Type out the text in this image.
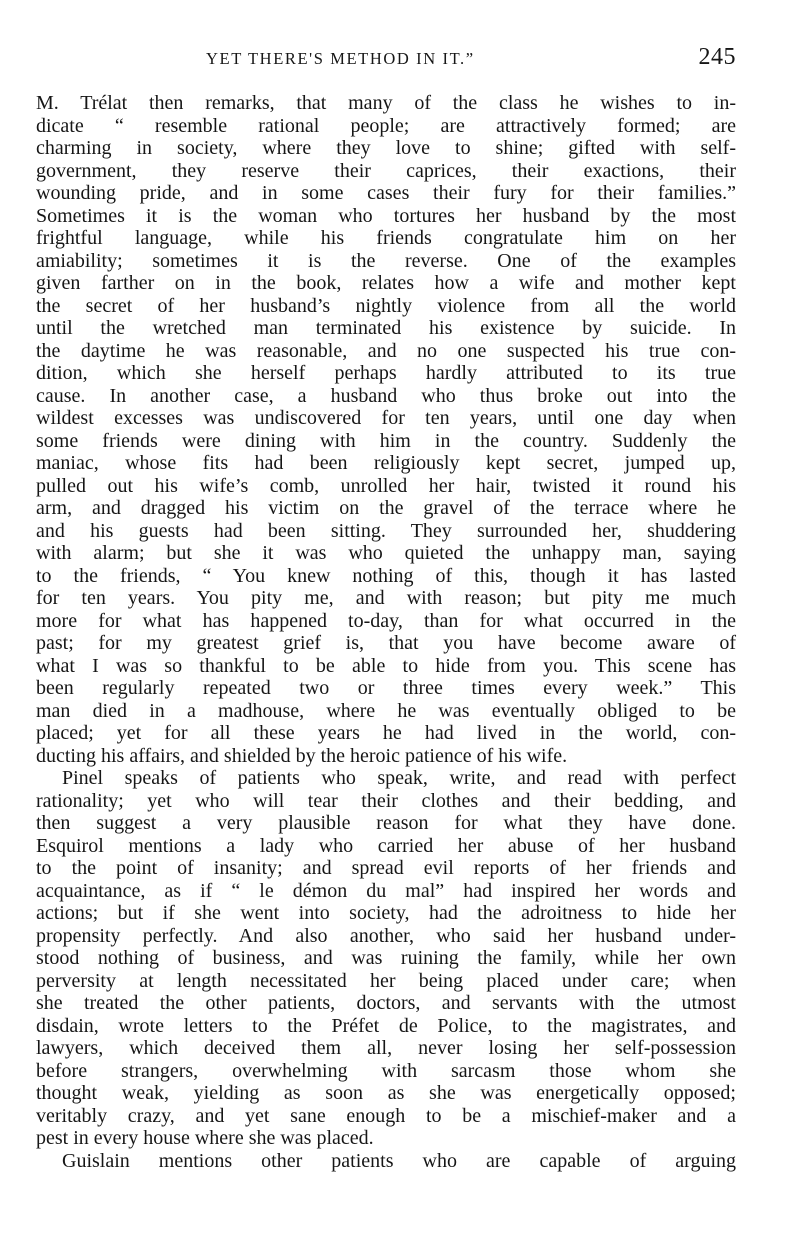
YET THERE'S METHOD IN IT.”	245
M. Trélat then remarks, that many of the class he wishes to in-
dicate “ resemble rational people; are attractively formed; are
charming in society, where they love to shine; gifted with self-
government, they reserve their caprices, their exactions, their
wounding pride, and in some cases their fury for their families.”
Sometimes it is the woman who tortures her husband by the most
frightful language, while his friends congratulate him on her
amiability; sometimes it is the reverse. One of the examples
given farther on in the book, relates how a wife and mother kept
the secret of her husband’s nightly violence from all the world
until the wretched man terminated his existence by suicide. In
the daytime he was reasonable, and no one suspected his true con-
dition, which she herself perhaps hardly attributed to its true
cause. In another case, a husband who thus broke out into the
wildest excesses was undiscovered for ten years, until one day when
some friends were dining with him in the country. Suddenly the
maniac, whose fits had been religiously kept secret, jumped up,
pulled out his wife’s comb, unrolled her hair, twisted it round his
arm, and dragged his victim on the gravel of the terrace where he
and his guests had been sitting. They surrounded her, shuddering
with alarm; but she it was who quieted the unhappy man, saying
to the friends, “ You knew nothing of this, though it has lasted
for ten years. You pity me, and with reason; but pity me much
more for what has happened to-day, than for what occurred in the
past; for my greatest grief is, that you have become aware of
what I was so thankful to be able to hide from you. This scene has
been regularly repeated two or three times every week.” This
man died in a madhouse, where he was eventually obliged to be
placed; yet for all these years he had lived in the world, con-
ducting his affairs, and shielded by the heroic patience of his wife.
Pinel speaks of patients who speak, write, and read with perfect
rationality; yet who will tear their clothes and their bedding, and
then suggest a very plausible reason for what they have done.
Esquirol mentions a lady who carried her abuse of her husband
to the point of insanity; and spread evil reports of her friends and
acquaintance, as if “ le démon du mal” had inspired her words and
actions; but if she went into society, had the adroitness to hide her
propensity perfectly. And also another, who said her husband under-
stood nothing of business, and was ruining the family, while her own
perversity at length necessitated her being placed under care; when
she treated the other patients, doctors, and servants with the utmost
disdain, wrote letters to the Préfet de Police, to the magistrates, and
lawyers, which deceived them all, never losing her self-possession
before strangers, overwhelming with sarcasm those whom she
thought weak, yielding as soon as she was energetically opposed;
veritably crazy, and yet sane enough to be a mischief-maker and a
pest in every house where she was placed.
Guislain mentions other patients who are capable of arguing
